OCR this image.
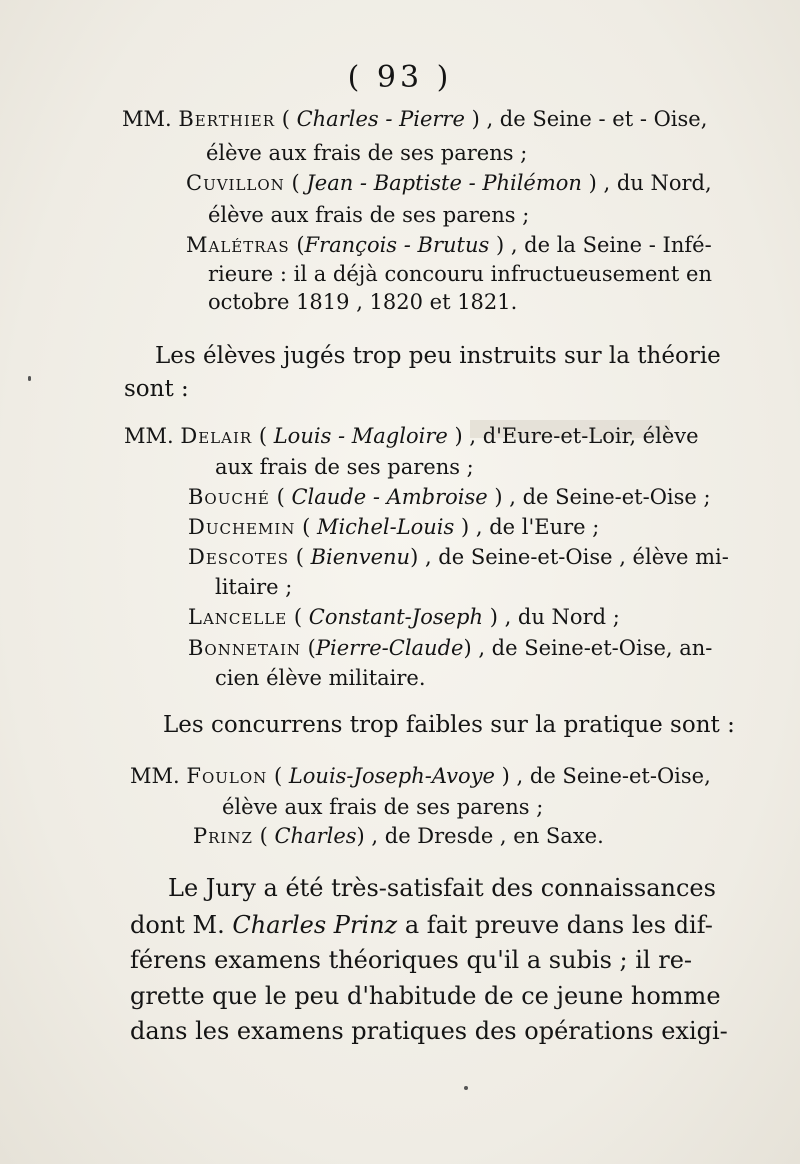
( 93 )
MM. Berthier ( Charles - Pierre ) , de Seine - et - Oise,
élève aux frais de ses parens ;
Cuvillon ( Jean - Baptiste - Philémon ) , du Nord,
élève aux frais de ses parens ;
Malétras (François - Brutus ) , de la Seine - Infé-
rieure : il a déjà concouru infructueusement en
octobre 1819 , 1820 et 1821.
Les élèves jugés trop peu instruits sur la théorie
sont :
MM. Delair ( Louis - Magloire ) , d'Eure-et-Loir, élève
aux frais de ses parens ;
Bouché ( Claude - Ambroise ) , de Seine-et-Oise ;
Duchemin ( Michel-Louis ) , de l'Eure ;
Descotes ( Bienvenu) , de Seine-et-Oise , élève mi-
litaire ;
Lancelle ( Constant-Joseph ) , du Nord ;
Bonnetain (Pierre-Claude) , de Seine-et-Oise, an-
cien élève militaire.
Les concurrens trop faibles sur la pratique sont :
MM. Foulon ( Louis-Joseph-Avoye ) , de Seine-et-Oise,
élève aux frais de ses parens ;
Prinz ( Charles) , de Dresde , en Saxe.
Le Jury a été très-satisfait des connaissances
dont M. Charles Prinz a fait preuve dans les dif-
férens examens théoriques qu'il a subis ; il re-
grette que le peu d'habitude de ce jeune homme
dans les examens pratiques des opérations exigi-
